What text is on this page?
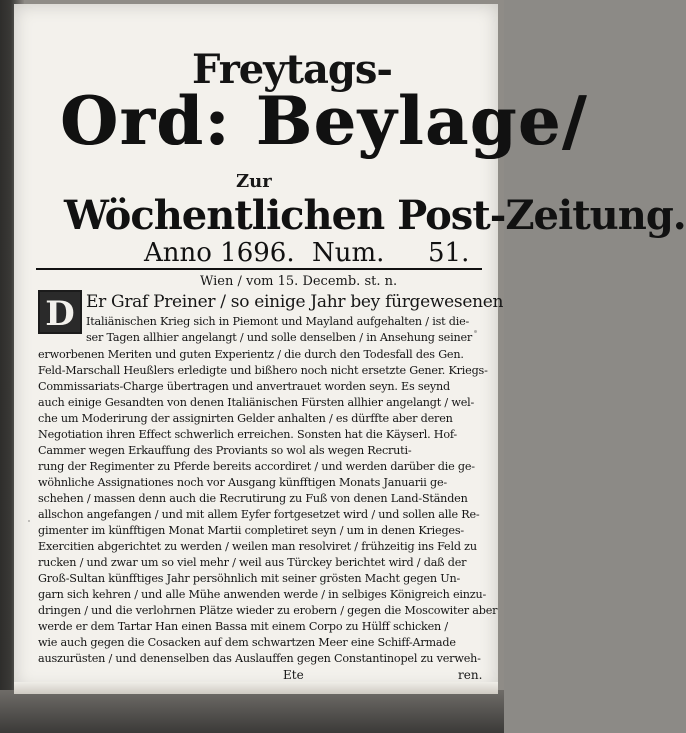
Freytags-
Ord: Beylage/
Zur
Wöchentlichen Post-Zeitung.
Anno 1696. Num. 51.
Wien / vom 15. Decemb. st. n.
D Er Graf Preiner / so einige Jahr bey fürgewesenen
Italiänischen Krieg sich in Piemont und Mayland aufgehalten / ist die-
ser Tagen allhier angelangt / und solle denselben / in Ansehung seiner
erworbenen Meriten und guten Experientz / die durch den Todesfall des Gen.
Feld-Marschall Heußlers erledigte und bißhero noch nicht ersetzte Gener. Kriegs-
Commissariats-Charge übertragen und anvertrauet worden seyn. Es seynd
auch einige Gesandten von denen Italiänischen Fürsten allhier angelangt / wel-
che um Moderirung der assignirten Gelder anhalten / es dürffte aber deren
Negotiation ihren Effect schwerlich erreichen. Sonsten hat die Käyserl. Hof-
Cammer wegen Erkauffung des Proviants so wol als wegen Recruti-
rung der Regimenter zu Pferde bereits accordiret / und werden darüber die ge-
wöhnliche Assignationes noch vor Ausgang künfftigen Monats Januarii ge-
schehen / massen denn auch die Recrutirung zu Fuß von denen Land-Ständen
allschon angefangen / und mit allem Eyfer fortgesetzet wird / und sollen alle Re-
gimenter im künfftigen Monat Martii completiret seyn / um in denen Krieges-
Exercitien abgerichtet zu werden / weilen man resolviret / frühzeitig ins Feld zu
rucken / und zwar um so viel mehr / weil aus Türckey berichtet wird / daß der
Groß-Sultan künfftiges Jahr persöhnlich mit seiner grösten Macht gegen Un-
garn sich kehren / und alle Mühe anwenden werde / in selbiges Königreich einzu-
dringen / und die verlohrnen Plätze wieder zu erobern / gegen die Moscowiter aber
werde er dem Tartar Han einen Bassa mit einem Corpo zu Hülff schicken /
wie auch gegen die Cosacken auf dem schwartzen Meer eine Schiff-Armade
auszurüsten / und denenselben das Auslauffen gegen Constantinopel zu verweh-
Ete	ren.
